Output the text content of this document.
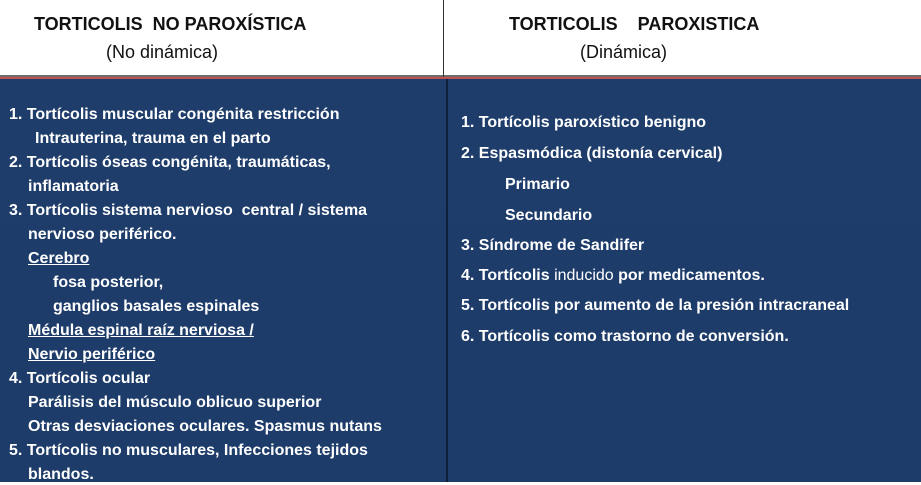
TORTICOLIS  NO PAROXÍSTICA
(No dinámica)
TORTICOLIS    PAROXISTICA
(Dinámica)
1. Tortícolis muscular congénita restricción
Intrauterina, trauma en el parto
2. Tortícolis óseas congénita, traumáticas,
inflamatoria
3. Tortícolis sistema nervioso  central / sistema
nervioso periférico.
Cerebro
fosa posterior,
ganglios basales espinales
Médula espinal raíz nerviosa /
Nervio periférico
4. Tortícolis ocular
Parálisis del músculo oblicuo superior
Otras desviaciones oculares. Spasmus nutans
5. Tortícolis no musculares, Infecciones tejidos
blandos.
1. Tortícolis paroxístico benigno
2. Espasmódica (distonía cervical)
Primario
Secundario
3. Síndrome de Sandifer
4. Tortícolis inducido por medicamentos.
5. Tortícolis por aumento de la presión intracraneal
6. Tortícolis como trastorno de conversión.
